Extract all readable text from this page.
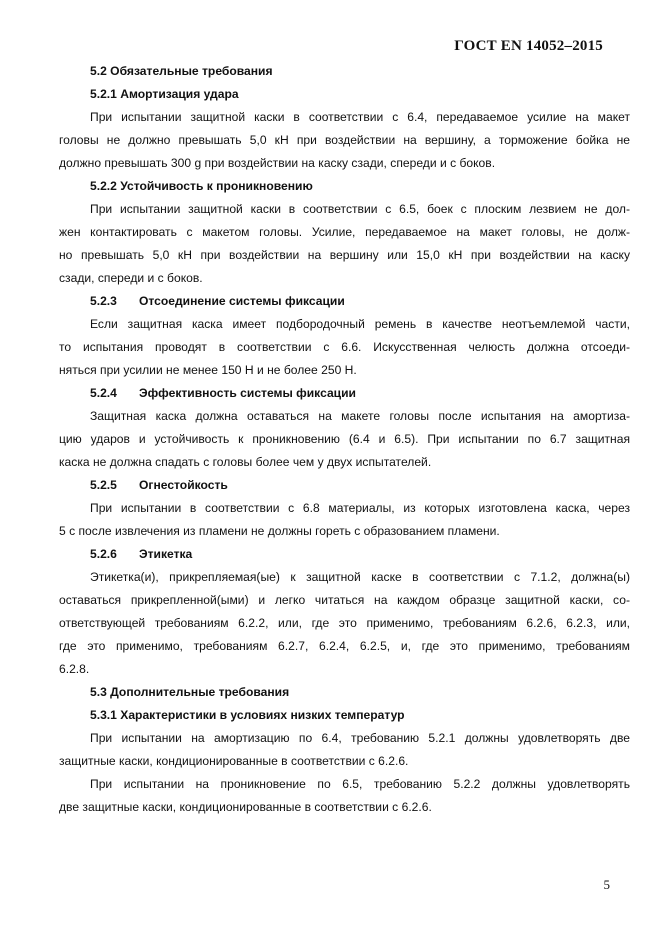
ГОСТ EN 14052–2015
5.2 Обязательные требования
5.2.1 Амортизация удара
При испытании защитной каски в соответствии с 6.4, передаваемое усилие на макет
головы не должно превышать 5,0 кН при воздействии на вершину, а торможение бойка не
должно превышать 300 g при воздействии на каску сзади, спереди и с боков.
5.2.2 Устойчивость к проникновению
При испытании защитной каски в соответствии с 6.5, боек с плоским лезвием не дол-
жен контактировать с макетом головы. Усилие, передаваемое на макет головы, не долж-
но превышать 5,0 кН при воздействии на вершину или 15,0 кН при воздействии на каску
сзади, спереди и с боков.
5.2.3 Отсоединение системы фиксации
Если защитная каска имеет подбородочный ремень в качестве неотъемлемой части,
то испытания проводят в соответствии с 6.6. Искусственная челюсть должна отсоеди-
няться при усилии не менее 150 Н и не более 250 Н.
5.2.4 Эффективность системы фиксации
Защитная каска должна оставаться на макете головы после испытания на амортиза-
цию ударов и устойчивость к проникновению (6.4 и 6.5). При испытании по 6.7 защитная
каска не должна спадать с головы более чем у двух испытателей.
5.2.5 Огнестойкость
При испытании в соответствии с 6.8 материалы, из которых изготовлена каска, через
5 с после извлечения из пламени не должны гореть с образованием пламени.
5.2.6 Этикетка
Этикетка(и), прикрепляемая(ые) к защитной каске в соответствии с 7.1.2, должна(ы)
оставаться прикрепленной(ыми) и легко читаться на каждом образце защитной каски, со-
ответствующей требованиям 6.2.2, или, где это применимо, требованиям 6.2.6, 6.2.3, или,
где это применимо, требованиям 6.2.7, 6.2.4, 6.2.5, и, где это применимо, требованиям
6.2.8.
5.3 Дополнительные требования
5.3.1 Характеристики в условиях низких температур
При испытании на амортизацию по 6.4, требованию 5.2.1 должны удовлетворять две
защитные каски, кондиционированные в соответствии с 6.2.6.
При испытании на проникновение по 6.5, требованию 5.2.2 должны удовлетворять
две защитные каски, кондиционированные в соответствии с 6.2.6.
5
